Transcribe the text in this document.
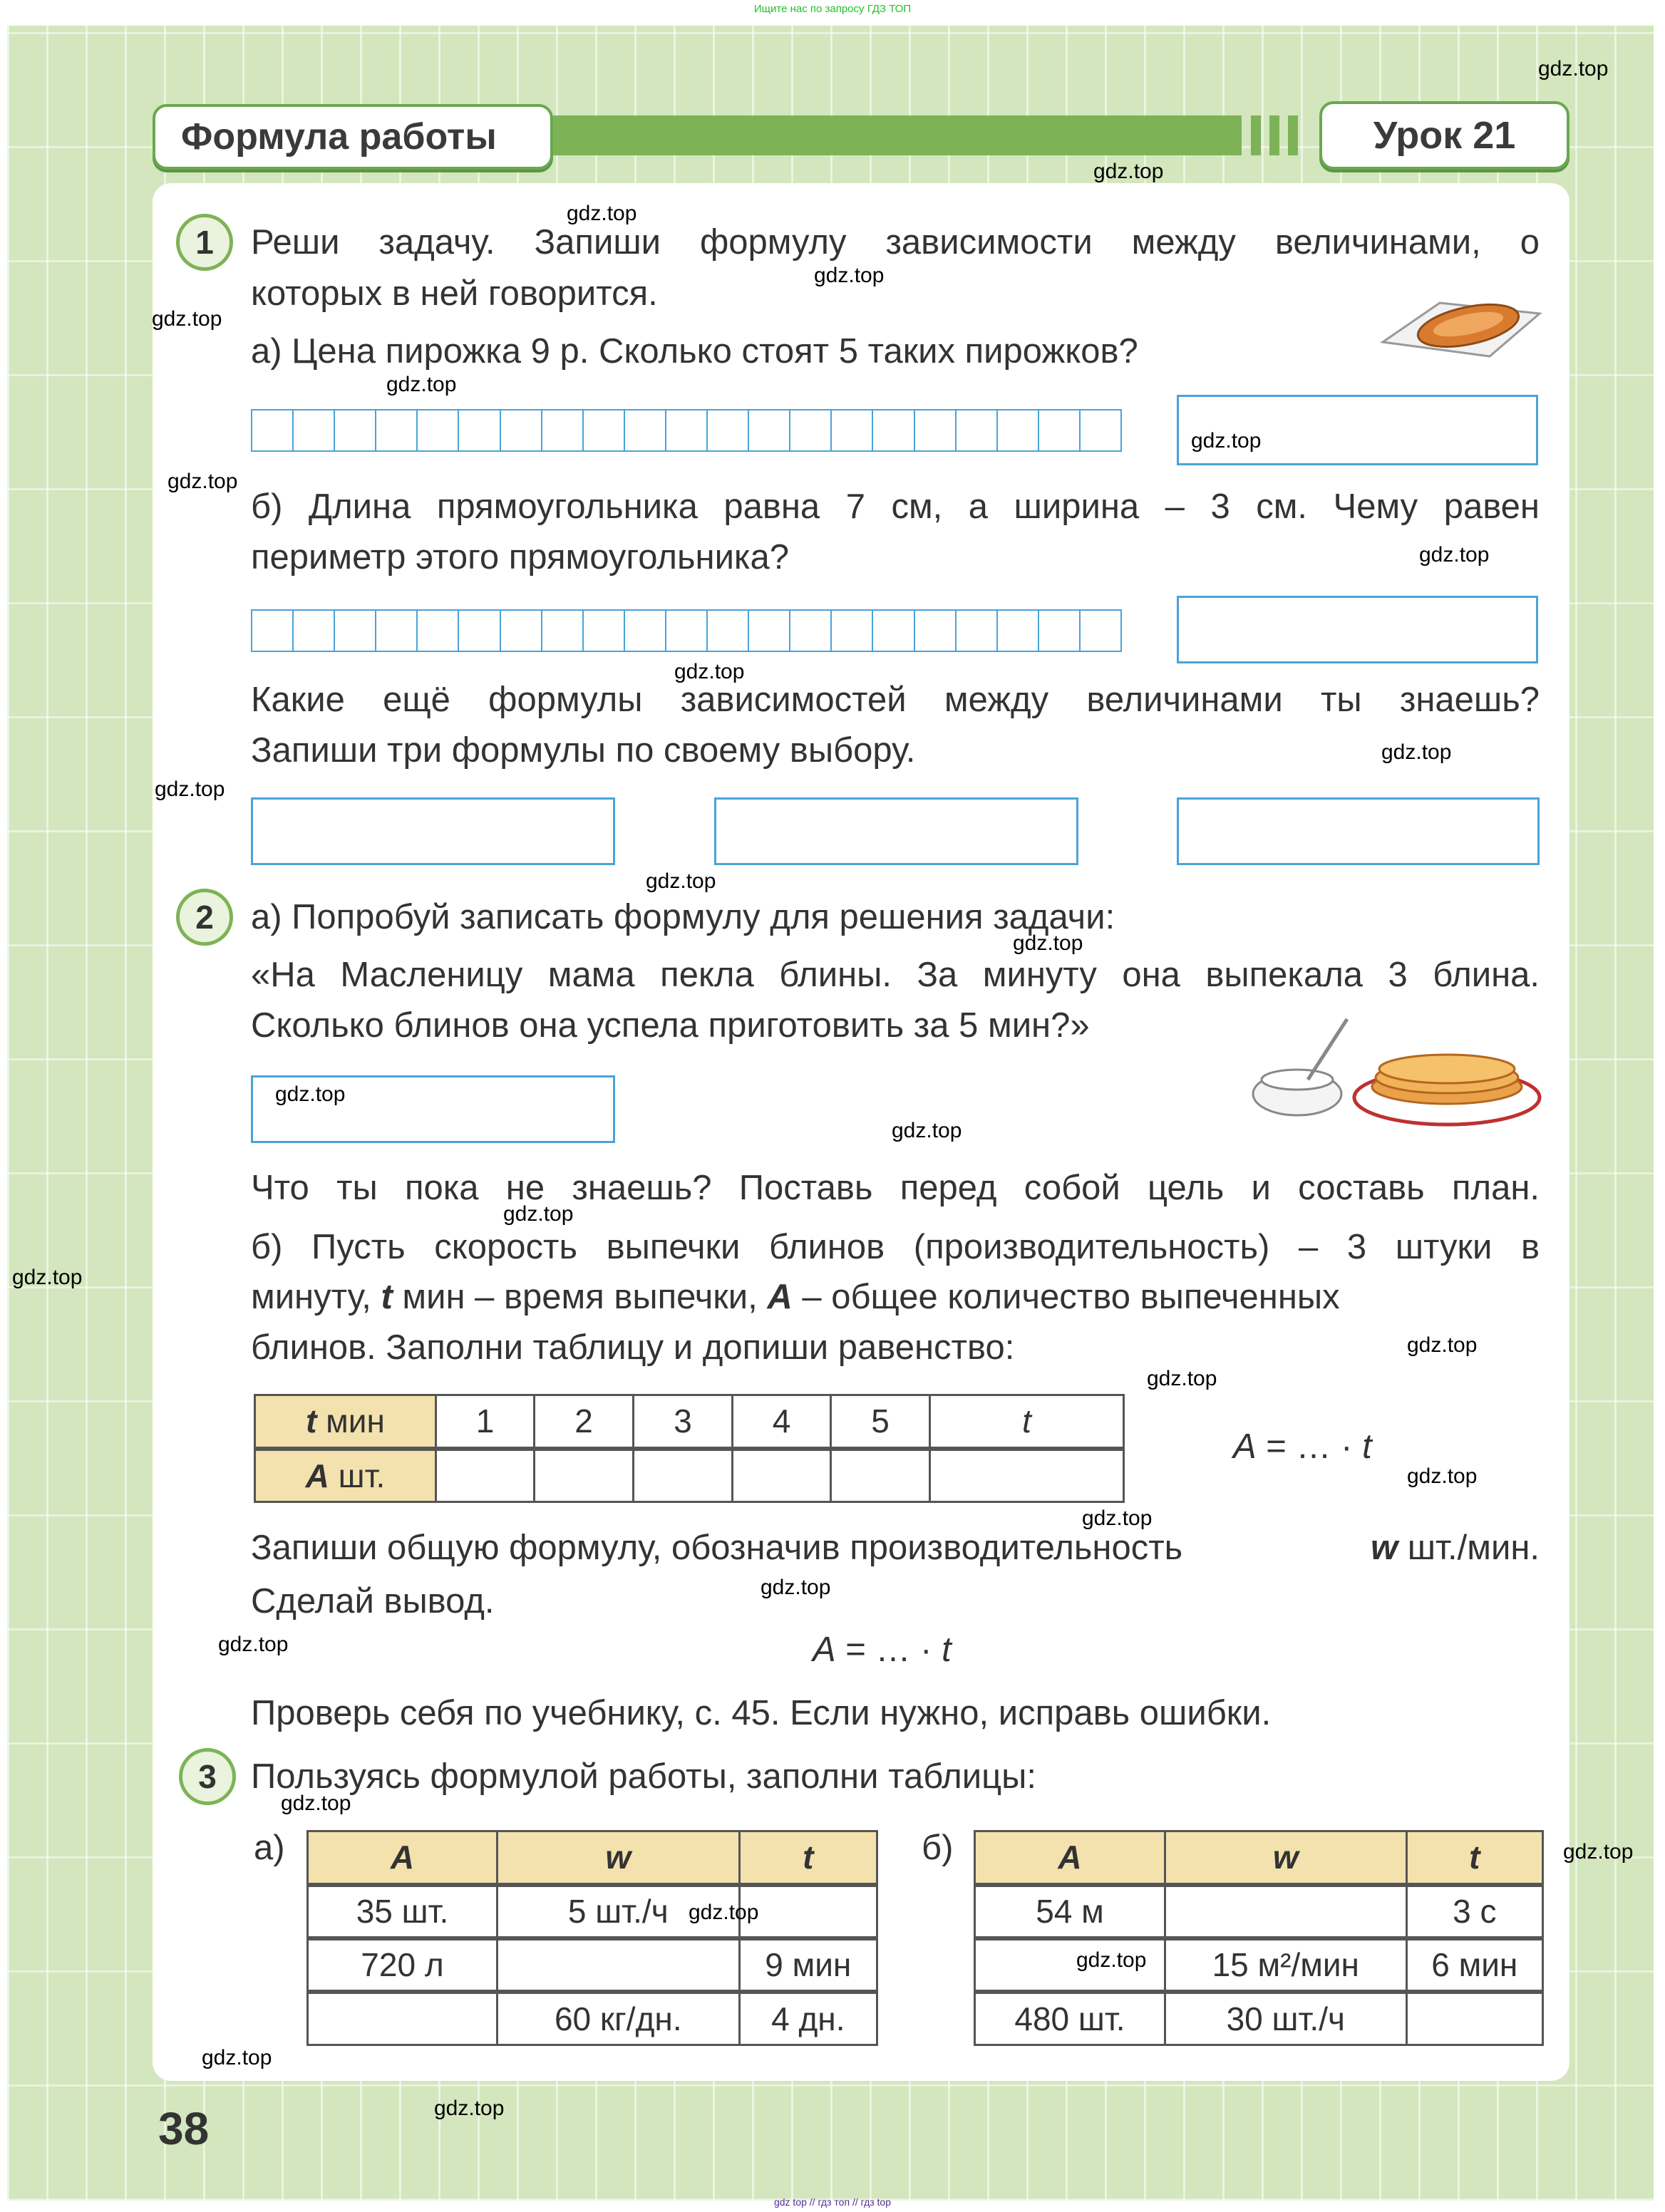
Ищите нас по запросу ГДЗ ТОП
Формула работы	Урок 21
1	Реши задачу. Запиши формулу зависимости между величинами, о
которых в ней говорится.
а) Цена пирожка 9 р. Сколько стоят 5 таких пирожков?
б) Длина прямоугольника равна 7 см, а ширина – 3 см. Чему равен
периметр этого прямоугольника?
Какие ещё формулы зависимостей между величинами ты знаешь?
Запиши три формулы по своему выбору.
2	а) Попробуй записать формулу для решения задачи:
«На Масленицу мама пекла блины. За минуту она выпекала 3 блина.
Сколько блинов она успела приготовить за 5 мин?»
Что ты пока не знаешь? Поставь перед собой цель и составь план.
б) Пусть скорость выпечки блинов (производительность) – 3 штуки в
минуту, t мин – время выпечки, A – общее количество выпеченных
блинов. Заполни таблицу и допиши равенство:
t мин	1	2	3	4	5	t
A шт.						
A = … · t
Запиши общую формулу, обозначив производительность	w шт./мин.
Сделай вывод.
A = … · t
Проверь себя по учебнику, с. 45. Если нужно, исправь ошибки.
3 Пользуясь формулой работы, заполни таблицы:
а)	б)
A	w	t
35 шт.	5 шт./ч	
720 л		9 мин
	60 кг/дн.	4 дн.
A	w	t
54 м		3 с
	15 м²/мин	6 мин
480 шт.	30 шт./ч	
38
gdz top // гдз топ // гдз top
gdz.top
gdz.top
gdz.top
gdz.top
gdz.top
gdz.top
gdz.top
gdz.top
gdz.top
gdz.top
gdz.top
gdz.top
gdz.top
gdz.top
gdz.top
gdz.top
gdz.top
gdz.top
gdz.top
gdz.top
gdz.top
gdz.top
gdz.top
gdz.top
gdz.top
gdz.top
gdz.top
gdz.top
gdz.top
gdz.top
